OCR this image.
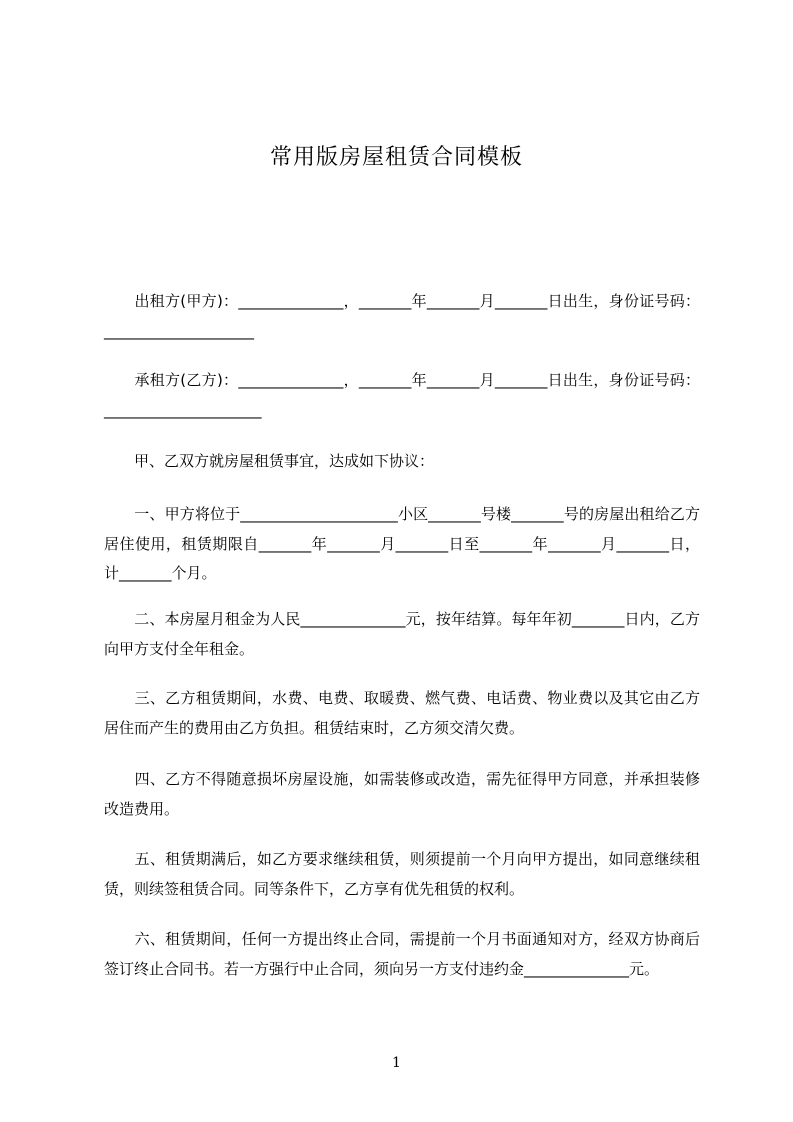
常用版房屋租赁合同模板
　　出租方(甲方)：______________，_______年_______月_______日出生，身份证号码：____________________
　　承租方(乙方)：______________，_______年_______月_______日出生，身份证号码：_____________________
　　甲、乙双方就房屋租赁事宜，达成如下协议：
　　一、甲方将位于_____________________小区_______号楼_______号的房屋出租给乙方居住使用，租赁期限自_______年_______月_______日至_______年_______月_______日，计_______个月。
　　二、本房屋月租金为人民______________元，按年结算。每年年初_______日内，乙方向甲方支付全年租金。
　　三、乙方租赁期间，水费、电费、取暖费、燃气费、电话费、物业费以及其它由乙方居住而产生的费用由乙方负担。租赁结束时，乙方须交清欠费。
　　四、乙方不得随意损坏房屋设施，如需装修或改造，需先征得甲方同意，并承担装修改造费用。
　　五、租赁期满后，如乙方要求继续租赁，则须提前一个月向甲方提出，如同意继续租赁，则续签租赁合同。同等条件下，乙方享有优先租赁的权利。
　　六、租赁期间，任何一方提出终止合同，需提前一个月书面通知对方，经双方协商后签订终止合同书。若一方强行中止合同，须向另一方支付违约金______________元。
1
